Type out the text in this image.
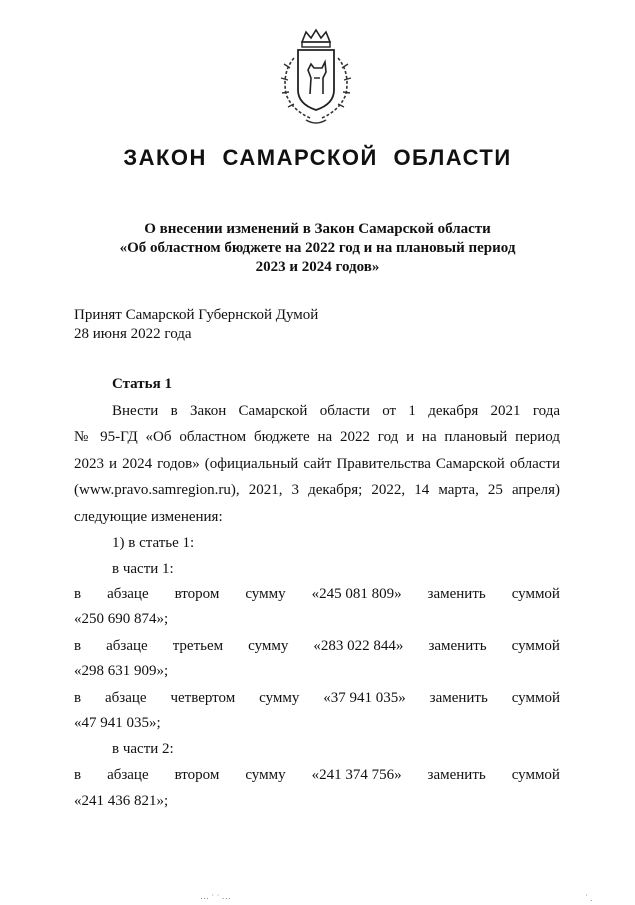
ЗАКОН САМАРСКОЙ ОБЛАСТИ
О внесении изменений в Закон Самарской области
«Об областном бюджете на 2022 год и на плановый период
2023 и 2024 годов»
Принят Самарской Губернской Думой
28 июня 2022 года
Статья 1
Внести в Закон Самарской области от 1 декабря 2021 года
№ 95-ГД «Об областном бюджете на 2022 год и на плановый период
2023 и 2024 годов» (официальный сайт Правительства Самарской области
(www.pravo.samregion.ru), 2021, 3 декабря; 2022, 14 марта, 25 апреля)
следующие изменения:
1) в статье 1:
в части 1:
в абзаце втором сумму «245 081 809» заменить суммой
«250 690 874»;
в абзаце третьем сумму «283 022 844» заменить суммой
«298 631 909»;
в абзаце четвертом сумму «37 941 035» заменить суммой
«47 941 035»;
в части 2:
в абзаце втором сумму «241 374 756» заменить суммой
«241 436 821»;
⋯ ˙ ˙ ⋯	˙ .
